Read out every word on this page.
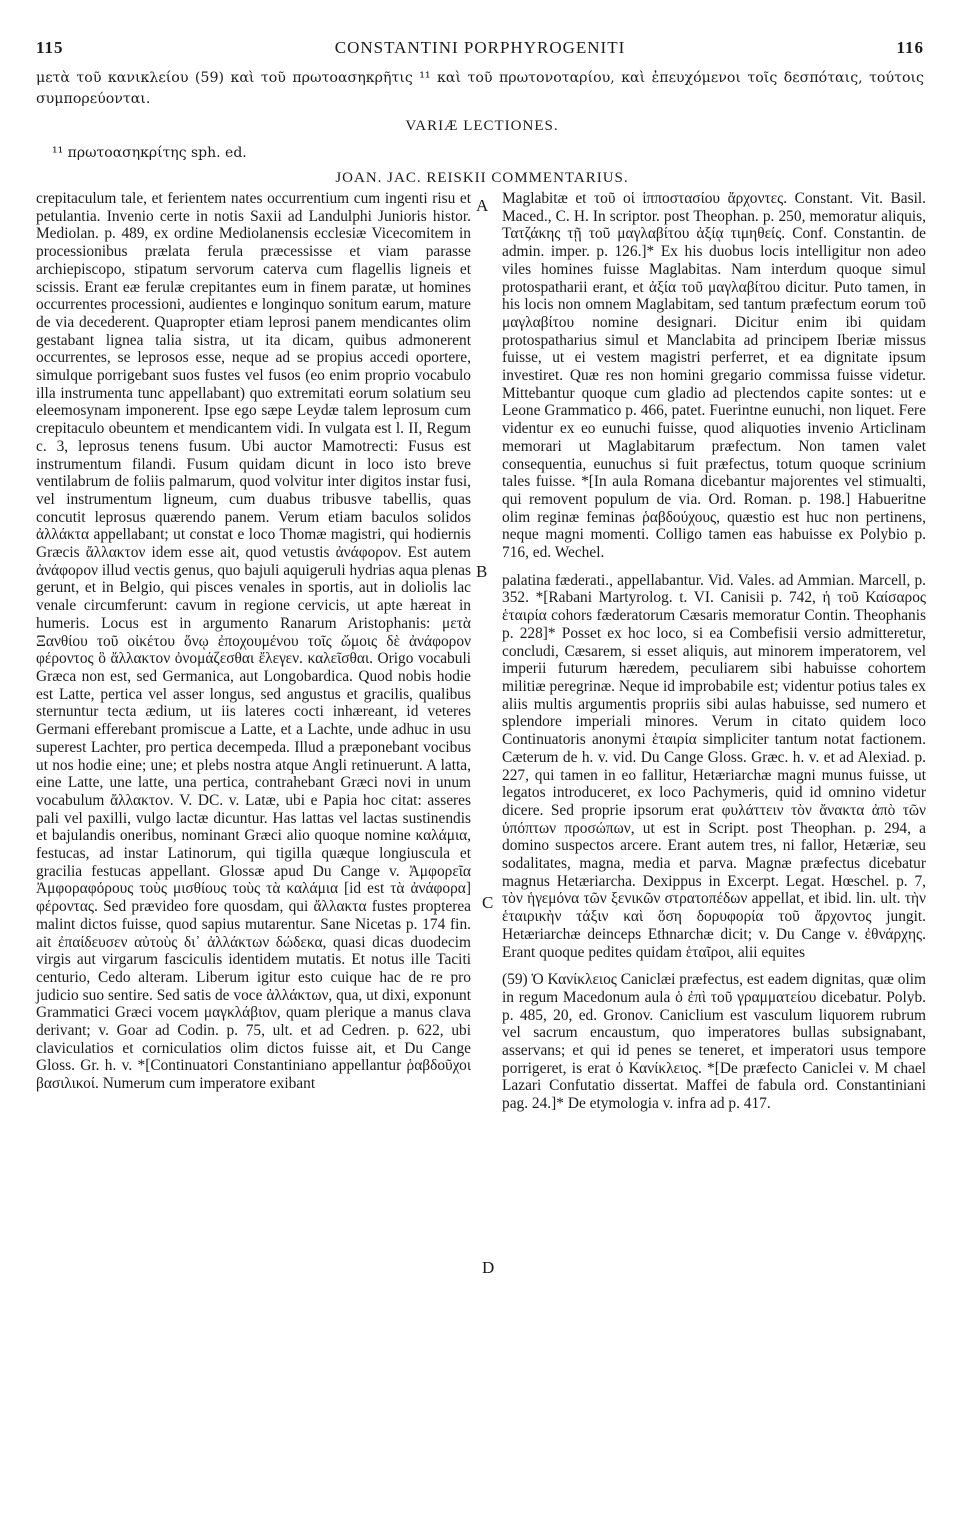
115	CONSTANTINI PORPHYROGENITI	116
μετὰ τοῦ κανικλείου (59) καὶ τοῦ πρωτοασηκρῆτις ¹¹ καὶ τοῦ πρωτονοταρίου, καὶ ἐπευχόμενοι τοῖς δεσπόταις, τούτοις συμπορεύονται.
VARIÆ LECTIONES.
¹¹ πρωτοασηκρίτης sph. ed.
JOAN. JAC. REISKII COMMENTARIUS.

crepitaculum tale, et ferientem nates occurrentium cum ingenti risu et petulantia. Invenio certe in notis Saxii ad Landulphi Junioris histor. Mediolan. p. 489, ex ordine Mediolanensis ecclesiæ Vicecomitem in processionibus prælata ferula præcessisse et viam parasse archiepiscopo, stipatum servorum caterva cum flagellis ligneis et scissis. Erant eæ ferulæ crepitantes eum in finem paratæ, ut homines occurrentes processioni, audientes e longinquo sonitum earum, mature de via decederent. Quapropter etiam leprosi panem mendicantes olim gestabant lignea talia sistra, ut ita dicam, quibus admonerent occurrentes, se leprosos esse, neque ad se propius accedi oportere, simulque porrigebant suos fustes vel fusos (eo enim proprio vocabulo illa instrumenta tunc appellabant) quo extremitati eorum solatium seu eleemosynam imponerent. Ipse ego sæpe Leydæ talem leprosum cum crepitaculo obeuntem et mendicantem vidi. In vulgata est l. II, Regum c. 3, leprosus tenens fusum. Ubi auctor Mamotrecti: Fusus est instrumentum filandi. Fusum quidam dicunt in loco isto breve ventilabrum de foliis palmarum, quod volvitur inter digitos instar fusi, vel instrumentum ligneum, cum duabus tribusve tabellis, quas concutit leprosus quærendo panem. Verum etiam baculos solidos ἀλλάκτα appellabant; ut constat e loco Thomæ magistri, qui hodiernis Græcis ἄλλακτον idem esse ait, quod vetustis ἀνάφορον. Est autem ἀνάφορον illud vectis genus, quo bajuli aquigeruli hydrias aqua plenas gerunt, et in Belgio, qui pisces venales in sportis, aut in doliolis lac venale circumferunt: cavum in regione cervicis, ut apte hæreat in humeris. Locus est in argumento Ranarum Aristophanis: μετὰ Ξανθίου τοῦ οἰκέτου ὄνῳ ἐποχουμένου τοῖς ὤμοις δὲ ἀνάφορον φέροντος ὃ ἄλλακτον ὀνομάζεσθαι ἔλεγεν. καλεῖσθαι. Origo vocabuli Græca non est, sed Germanica, aut Longobardica. Quod nobis hodie est Latte, pertica vel asser longus, sed angustus et gracilis, qualibus sternuntur tecta ædium, ut iis lateres cocti inhæreant, id veteres Germani efferebant promiscue a Latte, et a Lachte, unde adhuc in usu superest Lachter, pro pertica decempeda. Illud a præponebant vocibus ut nos hodie eine; une; et plebs nostra atque Angli retinuerunt. A latta, eine Latte, une latte, una pertica, contrahebant Græci novi in unum vocabulum ἄλλακτον. V. DC. v. Latæ, ubi e Papia hoc citat: asseres pali vel paxilli, vulgo lactæ dicuntur. Has lattas vel lactas sustinendis et bajulandis oneribus, nominant Græci alio quoque nomine καλάμια, festucas, ad instar Latinorum, qui tigilla quæque longiuscula et gracilia festucas appellant. Glossæ apud Du Cange v. Ἀμφορεῖα Ἀμφοραφόρους τοὺς μισθίους τοὺς τὰ καλάμια [id est τὰ ἀνάφορα] φέροντας. Sed prævideo fore quosdam, qui ἄλλακτα fustes propterea malint dictos fuisse, quod sapius mutarentur. Sane Nicetas p. 174 fin. ait ἐπαίδευσεν αὐτοὺς δι᾽ ἀλλάκτων δώδεκα, quasi dicas duodecim virgis aut virgarum fasciculis identidem mutatis. Et notus ille Taciti centurio, Cedo alteram. Liberum igitur esto cuique hac de re pro judicio suo sentire. Sed satis de voce ἀλλάκτων, qua, ut dixi, exponunt Grammatici Græci vocem μαγκλάβιον, quam plerique a manus clava derivant; v. Goar ad Codin. p. 75, ult. et ad Cedren. p. 622, ubi claviculatios et corniculatios olim dictos fuisse ait, et Du Cange Gloss. Gr. h. v. *[Continuatori Constantiniano appellantur ῥαβδοῦχοι βασιλικοί. Numerum cum imperatore exibant

Maglabitæ et τοῦ οἱ ἱπποστασίου ἄρχοντες. Constant. Vit. Basil. Maced., C. H. In scriptor. post Theophan. p. 250, memoratur aliquis, Τατζάκης τῇ τοῦ μαγλαβίτου ἀξίᾳ τιμηθείς. Conf. Constantin. de admin. imper. p. 126.]* Ex his duobus locis intelligitur non adeo viles homines fuisse Maglabitas. Nam interdum quoque simul protospatharii erant, et ἀξία τοῦ μαγλαβίτου dicitur. Puto tamen, in his locis non omnem Maglabitam, sed tantum præfectum eorum τοῦ μαγλαβίτου nomine designari. Dicitur enim ibi quidam protospatharius simul et Manclabita ad principem Iberiæ missus fuisse, ut ei vestem magistri perferret, et ea dignitate ipsum investiret. Quæ res non homini gregario commissa fuisse videtur. Mittebantur quoque cum gladio ad plectendos capite sontes: ut e Leone Grammatico p. 466, patet. Fuerintne eunuchi, non liquet. Fere videntur ex eo eunuchi fuisse, quod aliquoties invenio Articlinam memorari ut Maglabitarum præfectum. Non tamen valet consequentia, eunuchus si fuit præfectus, totum quoque scrinium tales fuisse. *[In aula Romana dicebantur majorentes vel stimualti, qui removent populum de via. Ord. Roman. p. 198.] Habueritne olim reginæ feminas ῥαβδούχους, quæstio est huc non pertinens, neque magni momenti. Colligo tamen eas habuisse ex Polybio p. 716, ed. Wechel.

palatina fæderati., appellabantur. Vid. Vales. ad Ammian. Marcell, p. 352. *[Rabani Martyrolog. t. VI. Canisii p. 742, ἡ τοῦ Καίσαρος ἑταιρία cohors fæderatorum Cæsaris memoratur Contin. Theophanis p. 228]* Posset ex hoc loco, si ea Combefisii versio admitteretur, concludi, Cæsarem, si esset aliquis, aut minorem imperatorem, vel imperii futurum hæredem, peculiarem sibi habuisse cohortem militiæ peregrinæ. Neque id improbabile est; videntur potius tales ex aliis multis argumentis propriis sibi aulas habuisse, sed numero et splendore imperiali minores. Verum in citato quidem loco Continuatoris anonymi ἑταιρία simpliciter tantum notat factionem. Cæterum de h. v. vid. Du Cange Gloss. Græc. h. v. et ad Alexiad. p. 227, qui tamen in eo fallitur, Hetæriarchæ magni munus fuisse, ut legatos introduceret, ex loco Pachymeris, quid id omnino videtur dicere. Sed proprie ipsorum erat φυλάττειν τὸν ἄνακτα ἀπὸ τῶν ὑπόπτων προσώπων, ut est in Script. post Theophan. p. 294, a domino suspectos arcere. Erant autem tres, ni fallor, Hetæriæ, seu sodalitates, magna, media et parva. Magnæ præfectus dicebatur magnus Hetæriarcha. Dexippus in Excerpt. Legat. Hœschel. p. 7, τὸν ἡγεμόνα τῶν ξενικῶν στρατοπέδων appellat, et ibid. lin. ult. τὴν ἑταιρικὴν τάξιν καὶ ὅση δορυφορία τοῦ ἄρχοντος jungit. Hetæriarchæ deinceps Ethnarchæ dicit; v. Du Cange v. ἐθνάρχης. Erant quoque pedites quidam ἑταῖροι, alii equites

(59) Ὁ Κανίκλειος Caniclæi præfectus, est eadem dignitas, quæ olim in regum Macedonum aula ὁ ἐπὶ τοῦ γραμματείου dicebatur. Polyb. p. 485, 20, ed. Gronov. Caniclium est vasculum liquorem rubrum vel sacrum encaustum, quo imperatores bullas subsignabant, asservans; et qui id penes se teneret, et imperatori usus tempore porrigeret, is erat ὁ Κανίκλειος. *[De præfecto Caniclei v. M chael Lazari Confutatio dissertat. Maffei de fabula ord. Constantiniani pag. 24.]* De etymologia v. infra ad p. 417.

A
B
C
D
